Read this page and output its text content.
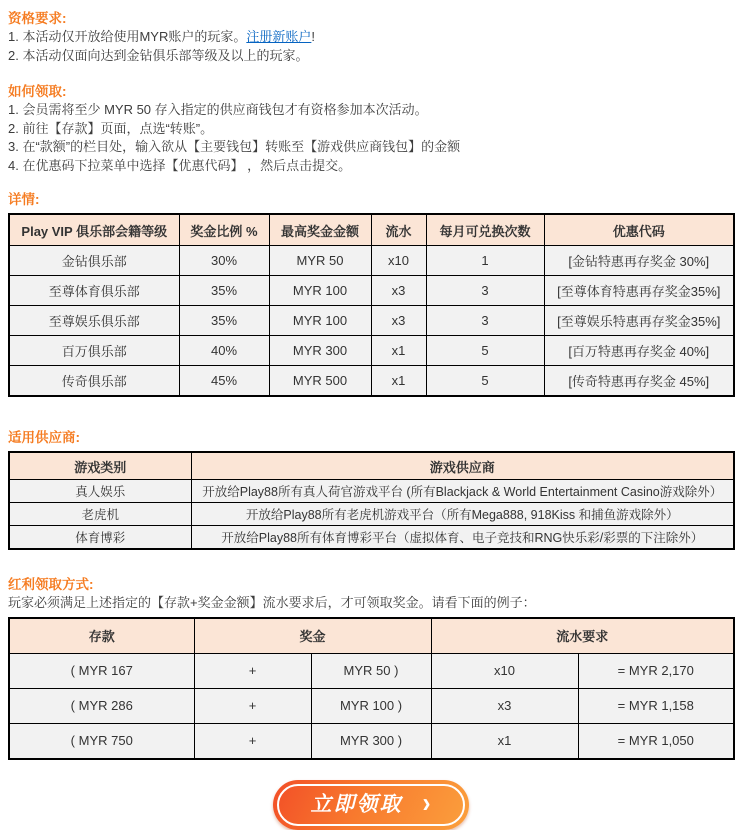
资格要求:
1. 本活动仅开放给使用MYR账户的玩家。注册新账户!
2. 本活动仅面向达到金钻俱乐部等级及以上的玩家。
如何领取:
1. 会员需将至少 MYR 50 存入指定的供应商钱包才有资格参加本次活动。
2. 前往【存款】页面，点选“转账”。
3. 在“款额”的栏目处，输入欲从【主要钱包】转账至【游戏供应商钱包】的金额
4. 在优惠码下拉菜单中选择【优惠代码】 ，然后点击提交。
详情:
Play VIP 俱乐部会籍等级	奖金比例 %	最高奖金金额	流水	每月可兑换次数	优惠代码
金钻俱乐部	30%	MYR 50	x10	1	[金钻特惠再存奖金 30%]
至尊体育俱乐部	35%	MYR 100	x3	3	[至尊体育特惠再存奖金35%]
至尊娱乐俱乐部	35%	MYR 100	x3	3	[至尊娱乐特惠再存奖金35%]
百万俱乐部	40%	MYR 300	x1	5	[百万特惠再存奖金 40%]
传奇俱乐部	45%	MYR 500	x1	5	[传奇特惠再存奖金 45%]
适用供应商:
游戏类别	游戏供应商
真人娱乐	开放给Play88所有真人荷官游戏平台 (所有Blackjack & World Entertainment Casino游戏除外）
老虎机	开放给Play88所有老虎机游戏平台（所有Mega888, 918Kiss 和捕鱼游戏除外）
体育博彩	开放给Play88所有体育博彩平台（虚拟体育、电子竞技和RNG快乐彩/彩票的下注除外）
红利领取方式:
玩家必须满足上述指定的【存款+奖金金额】流水要求后，才可领取奖金。请看下面的例子：
存款	奖金		流水要求	
( MYR 167	+	MYR 50 )	x10	= MYR 2,170
( MYR 286	+	MYR 100 )	x3	= MYR 1,158
( MYR 750	+	MYR 300 )	x1	= MYR 1,050
立即领取 ›
